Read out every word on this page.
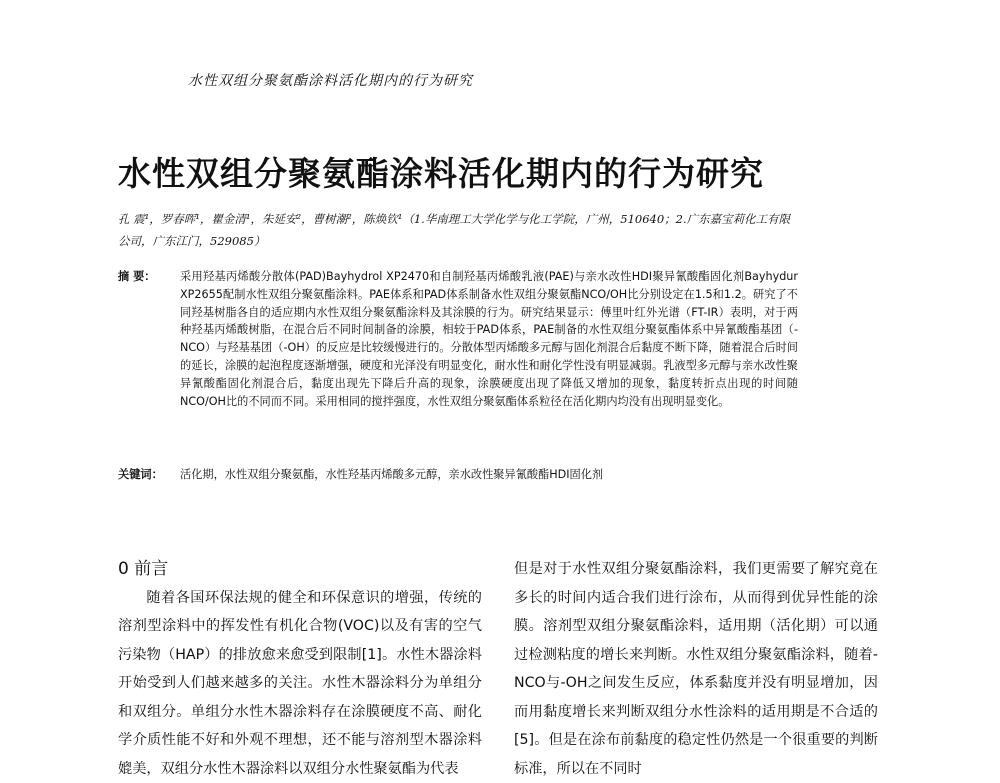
水性双组分聚氨酯涂料活化期内的行为研究
水性双组分聚氨酯涂料活化期内的行为研究
孔 震¹，罗春晖¹，瞿金清¹，朱延安²，曹树潮²，陈焕钦¹（1.华南理工大学化学与化工学院，广州，510640；2.广东嘉宝莉化工有限公司，广东江门，529085）
摘 要：	采用羟基丙烯酸分散体(PAD)Bayhydrol XP2470和自制羟基丙烯酸乳液(PAE)与亲水改性HDI聚异氰酸酯固化剂Bayhydur XP2655配制水性双组分聚氨酯涂料。PAE体系和PAD体系制备水性双组分聚氨酯NCO/OH比分别设定在1.5和1.2。研究了不同羟基树脂各自的适应期内水性双组分聚氨酯涂料及其涂膜的行为。研究结果显示：傅里叶红外光谱（FT-IR）表明，对于两种羟基丙烯酸树脂，在混合后不同时间制备的涂膜，相较于PAD体系，PAE制备的水性双组分聚氨酯体系中异氰酸酯基团（-NCO）与羟基基团（-OH）的反应是比较缓慢进行的。分散体型丙烯酸多元醇与固化剂混合后黏度不断下降，随着混合后时间的延长，涂膜的起泡程度逐渐增强，硬度和光泽没有明显变化，耐水性和耐化学性没有明显减弱。乳液型多元醇与亲水改性聚异氰酸酯固化剂混合后，黏度出现先下降后升高的现象，涂膜硬度出现了降低又增加的现象，黏度转折点出现的时间随NCO/OH比的不同而不同。采用相同的搅拌强度，水性双组分聚氨酯体系粒径在活化期内均没有出现明显变化。
关键词： 活化期，水性双组分聚氨酯，水性羟基丙烯酸多元醇，亲水改性聚异氰酸酯HDI固化剂
0 前言

随着各国环保法规的健全和环保意识的增强，传统的溶剂型涂料中的挥发性有机化合物(VOC)以及有害的空气污染物（HAP）的排放愈来愈受到限制[1]。水性木器涂料开始受到人们越来越多的关注。水性木器涂料分为单组分和双组分。单组分水性木器涂料存在涂膜硬度不高、耐化学介质性能不好和外观不理想，还不能与溶剂型木器涂料媲美，双组分水性木器涂料以双组分水性聚氨酯为代表

但是对于水性双组分聚氨酯涂料，我们更需要了解究竟在多长的时间内适合我们进行涂布，从而得到优异性能的涂膜。溶剂型双组分聚氨酯涂料，适用期（活化期）可以通过检测粘度的增长来判断。水性双组分聚氨酯涂料，随着-NCO与-OH之间发生反应，体系黏度并没有明显增加，因而用黏度增长来判断双组分水性涂料的适用期是不合适的[5]。但是在涂布前黏度的稳定性仍然是一个很重要的判断标准，所以在不同时
